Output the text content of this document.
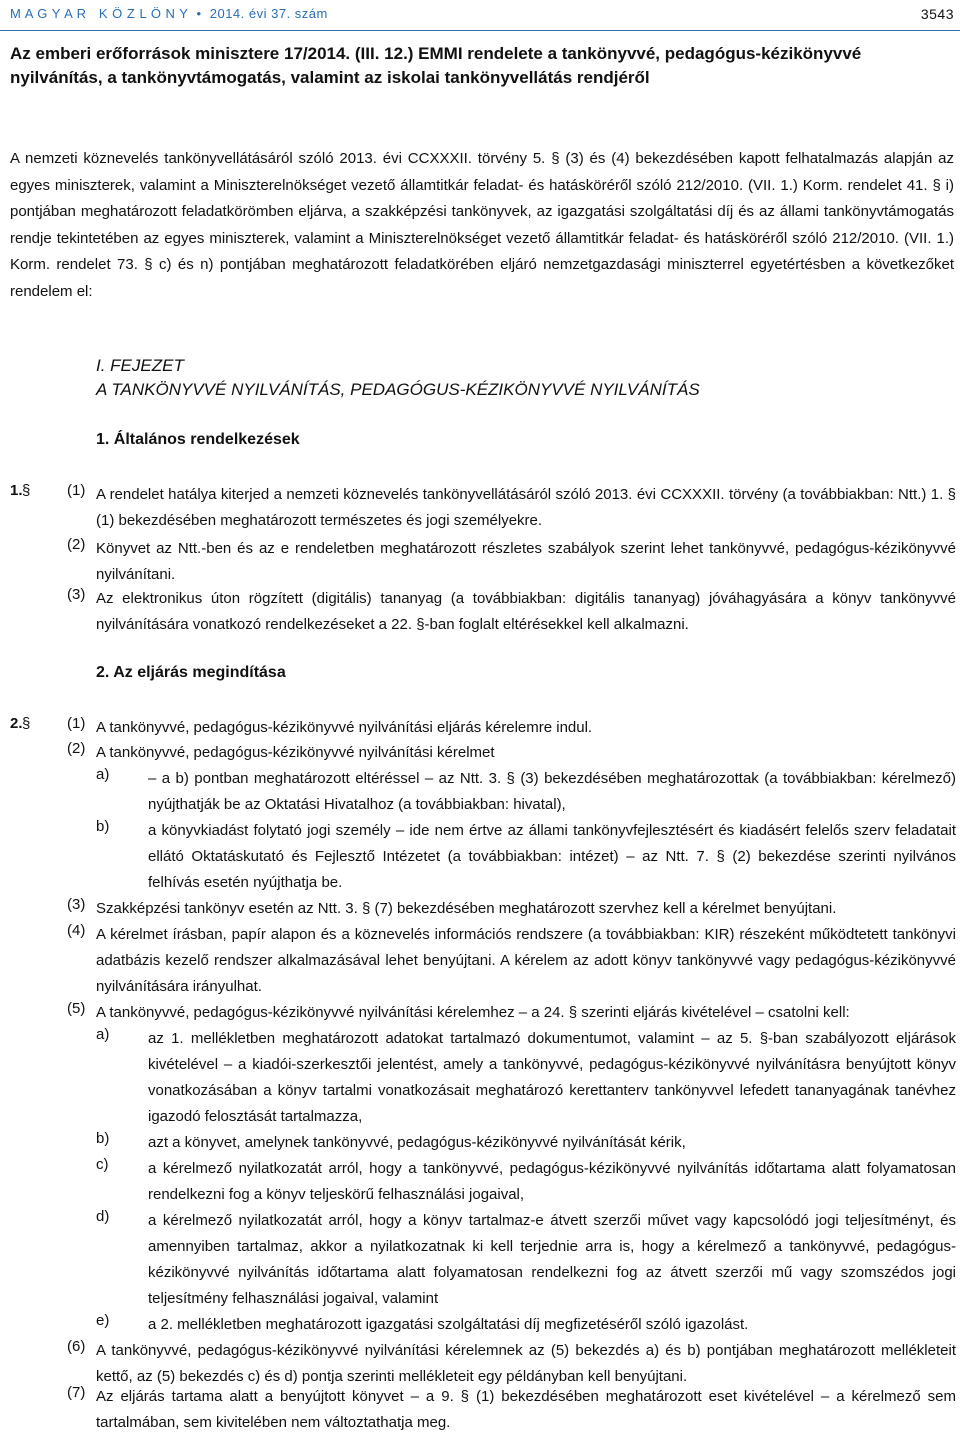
M A G Y A R   K Ö Z L Ö N Y  •  2014. évi 37. szám	3543
Az emberi erőforrások minisztere 17/2014. (III. 12.) EMMI rendelete a tankönyvvé, pedagógus-kézikönyvvé nyilvánítás, a tankönyvtámogatás, valamint az iskolai tankönyvellátás rendjéről
A nemzeti köznevelés tankönyvellátásáról szóló 2013. évi CCXXXII. törvény 5. § (3) és (4) bekezdésében kapott felhatalmazás alapján az egyes miniszterek, valamint a Miniszterelnökséget vezető államtitkár feladat- és hatásköréről szóló 212/2010. (VII. 1.) Korm. rendelet 41. § i) pontjában meghatározott feladatkörömben eljárva, a szakképzési tankönyvek, az igazgatási szolgáltatási díj és az állami tankönyvtámogatás rendje tekintetében az egyes miniszterek, valamint a Miniszterelnökséget vezető államtitkár feladat- és hatásköréről szóló 212/2010. (VII. 1.) Korm. rendelet 73. § c) és n) pontjában meghatározott feladatkörében eljáró nemzetgazdasági miniszterrel egyetértésben a következőket rendelem el:
I. FEJEZET
A TANKÖNYVVÉ NYILVÁNÍTÁS, PEDAGÓGUS-KÉZIKÖNYVVÉ NYILVÁNÍTÁS
1. Általános rendelkezések
1. § (1) A rendelet hatálya kiterjed a nemzeti köznevelés tankönyvellátásáról szóló 2013. évi CCXXXII. törvény (a továbbiakban: Ntt.) 1. § (1) bekezdésében meghatározott természetes és jogi személyekre.
(2) Könyvet az Ntt.-ben és az e rendeletben meghatározott részletes szabályok szerint lehet tankönyvvé, pedagógus-kézikönyvvé nyilvánítani.
(3) Az elektronikus úton rögzített (digitális) tananyag (a továbbiakban: digitális tananyag) jóváhagyására a könyv tankönyvvé nyilvánítására vonatkozó rendelkezéseket a 22. §-ban foglalt eltérésekkel kell alkalmazni.
2. Az eljárás megindítása
2. § (1) A tankönyvvé, pedagógus-kézikönyvvé nyilvánítási eljárás kérelemre indul.
(2) A tankönyvvé, pedagógus-kézikönyvvé nyilvánítási kérelmet
a)	– a b) pontban meghatározott eltéréssel – az Ntt. 3. § (3) bekezdésében meghatározottak (a továbbiakban: kérelmező) nyújthatják be az Oktatási Hivatalhoz (a továbbiakban: hivatal),
b)	a könyvkiadást folytató jogi személy – ide nem értve az állami tankönyvfejlesztésért és kiadásért felelős szerv feladatait ellátó Oktatáskutató és Fejlesztő Intézetet (a továbbiakban: intézet) – az Ntt. 7. § (2) bekezdése szerinti nyilvános felhívás esetén nyújthatja be.
(3) Szakképzési tankönyv esetén az Ntt. 3. § (7) bekezdésében meghatározott szervhez kell a kérelmet benyújtani.
(4) A kérelmet írásban, papír alapon és a köznevelés információs rendszere (a továbbiakban: KIR) részeként működtetett tankönyvi adatbázis kezelő rendszer alkalmazásával lehet benyújtani. A kérelem az adott könyv tankönyvvé vagy pedagógus-kézikönyvvé nyilvánítására irányulhat.
(5) A tankönyvvé, pedagógus-kézikönyvvé nyilvánítási kérelemhez – a 24. § szerinti eljárás kivételével – csatolni kell:
a)	az 1. mellékletben meghatározott adatokat tartalmazó dokumentumot, valamint – az 5. §-ban szabályozott eljárások kivételével – a kiadói-szerkesztői jelentést, amely a tankönyvvé, pedagógus-kézikönyvvé nyilvánításra benyújtott könyv vonatkozásában a könyv tartalmi vonatkozásait meghatározó kerettanterv tankönyvvel lefedett tananyagának tanévhez igazodó felosztását tartalmazza,
b)	azt a könyvet, amelynek tankönyvvé, pedagógus-kézikönyvvé nyilvánítását kérik,
c)	a kérelmező nyilatkozatát arról, hogy a tankönyvvé, pedagógus-kézikönyvvé nyilvánítás időtartama alatt folyamatosan rendelkezni fog a könyv teljeskörű felhasználási jogaival,
d)	a kérelmező nyilatkozatát arról, hogy a könyv tartalmaz-e átvett szerzői művet vagy kapcsolódó jogi teljesítményt, és amennyiben tartalmaz, akkor a nyilatkozatnak ki kell terjednie arra is, hogy a kérelmező a tankönyvvé, pedagógus-kézikönyvvé nyilvánítás időtartama alatt folyamatosan rendelkezni fog az átvett szerzői mű vagy szomszédos jogi teljesítmény felhasználási jogaival, valamint
e)	a 2. mellékletben meghatározott igazgatási szolgáltatási díj megfizetéséről szóló igazolást.
(6) A tankönyvvé, pedagógus-kézikönyvvé nyilvánítási kérelemnek az (5) bekezdés a) és b) pontjában meghatározott mellékleteit kettő, az (5) bekezdés c) és d) pontja szerinti mellékleteit egy példányban kell benyújtani.
(7) Az eljárás tartama alatt a benyújtott könyvet – a 9. § (1) bekezdésében meghatározott eset kivételével – a kérelmező sem tartalmában, sem kivitelében nem változtathatja meg.
